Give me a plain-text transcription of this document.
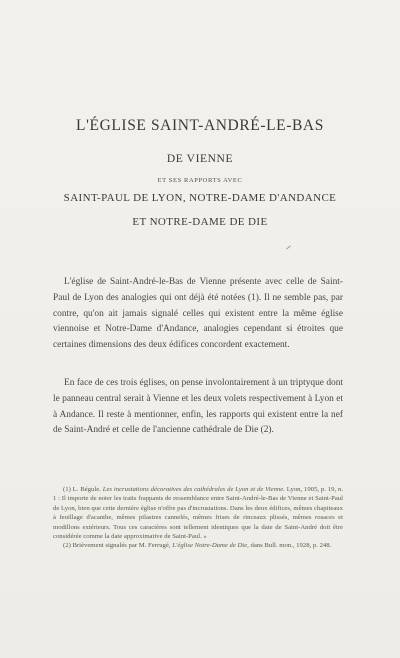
L'ÉGLISE SAINT-ANDRÉ-LE-BAS
DE VIENNE
ET SES RAPPORTS AVEC
SAINT-PAUL DE LYON, NOTRE-DAME D'ANDANCE
ET NOTRE-DAME DE DIE

L'église de Saint-André-le-Bas de Vienne présente avec celle de Saint-Paul de Lyon des analogies qui ont déjà été notées (1). Il ne semble pas, par contre, qu'on ait jamais signalé celles qui existent entre la même église viennoise et Notre-Dame d'Andance, analogies cependant si étroites que certaines dimensions des deux édifices concordent exactement.

En face de ces trois églises, on pense involontairement à un triptyque dont le panneau central serait à Vienne et les deux volets respectivement à Lyon et à Andance. Il reste à mentionner, enfin, les rapports qui existent entre la nef de Saint-André et celle de l'ancienne cathédrale de Die (2).

(1) L. Bégule. Les incrustations décoratives des cathédrales de Lyon et de Vienne. Lyon, 1905, p. 19, n. 1 : Il importe de noter les traits frappants de ressemblance entre Saint-André-le-Bas de Vienne et Saint-Paul de Lyon, bien que cette dernière église n'offre pas d'incrustations. Dans les deux édifices, mêmes chapiteaux à feuillage d'acanthe, mêmes pilastres cannelés, mêmes frises de rinceaux plissés, mêmes rosaces et modillons extérieurs. Tous ces caractères sont tellement identiques que la date de Saint-André doit être considérée comme la date approximative de Saint-Paul. »

(2) Brièvement signalés par M. Ferrugé, L'église Notre-Dame de Die, dans Bull. mon., 1928, p. 248.
